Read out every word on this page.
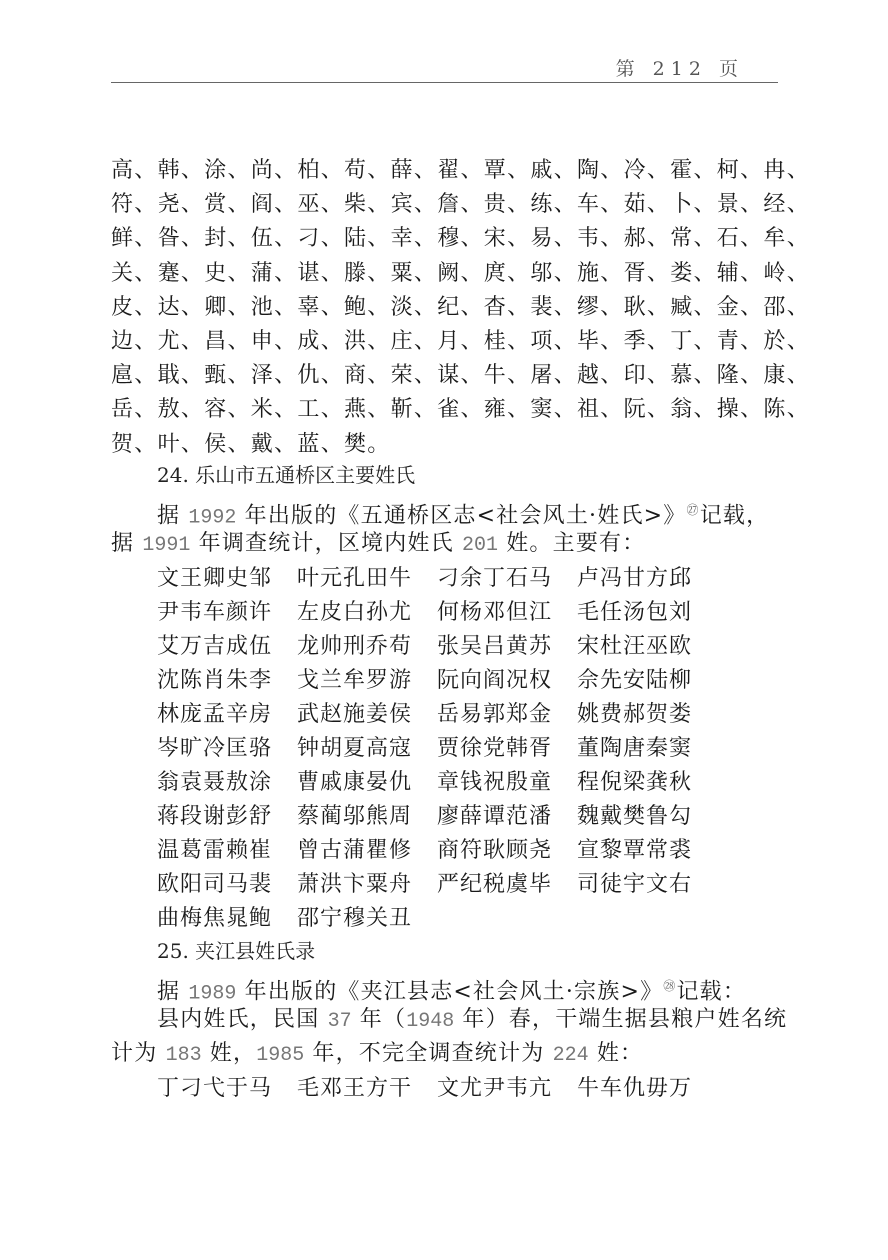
第 212 页
高、韩、涂、尚、柏、苟、薛、翟、覃、戚、陶、冷、霍、柯、冉、
符、尧、赏、阎、巫、柴、宾、詹、贵、练、车、茹、卜、景、经、
鲜、昝、封、伍、刁、陆、幸、穆、宋、易、韦、郝、常、石、牟、
关、蹇、史、蒲、谌、滕、粟、阙、庹、邬、施、胥、娄、辅、岭、
皮、达、卿、池、辜、鲍、淡、纪、杳、裴、缪、耿、臧、金、邵、
边、尤、昌、申、成、洪、庄、月、桂、项、毕、季、丁、青、於、
扈、戢、甄、泽、仇、商、荣、谋、牛、屠、越、印、慕、隆、康、
岳、敖、容、米、工、燕、靳、雀、雍、窦、祖、阮、翁、操、陈、
贺、叶、侯、戴、蓝、樊。
24. 乐山市五通桥区主要姓氏
据 1992 年出版的《五通桥区志<社会风土·姓氏>》$^㉗$记载，
据 1991 年调查统计，区境内姓氏 201 姓。主要有：
文王卿史邹 叶元孔田牛 刁余丁石马 卢冯甘方邱
尹韦车颜许 左皮白孙尤 何杨邓但江 毛任汤包刘
艾万吉成伍 龙帅刑乔苟 张吴吕黄苏 宋杜汪巫欧
沈陈肖朱李 戈兰牟罗游 阮向阎况权 佘先安陆柳
林庞孟辛房 武赵施姜侯 岳易郭郑金 姚费郝贺娄
岑旷冷匡骆 钟胡夏高寇 贾徐党韩胥 董陶唐秦窦
翁袁聂敖涂 曹戚康晏仇 章钱祝殷童 程倪梁龚秋
蒋段谢彭舒 蔡蔺邬熊周 廖薛谭范潘 魏戴樊鲁勾
温葛雷赖崔 曾古蒲瞿修 商符耿顾尧 宣黎覃常裘
欧阳司马裴 萧洪卞粟舟 严纪税虞毕 司徒宇文右
曲梅焦晁鲍 邵宁穆关丑
25. 夹江县姓氏录
据 1989 年出版的《夹江县志<社会风土·宗族>》$^㉘$记载：
县内姓氏，民国 37 年（1948 年）春，干端生据县粮户姓名统
计为 183 姓，1985 年，不完全调查统计为 224 姓：
丁刁弋于马 毛邓王方干 文尤尹韦亢 牛车仇毋万
